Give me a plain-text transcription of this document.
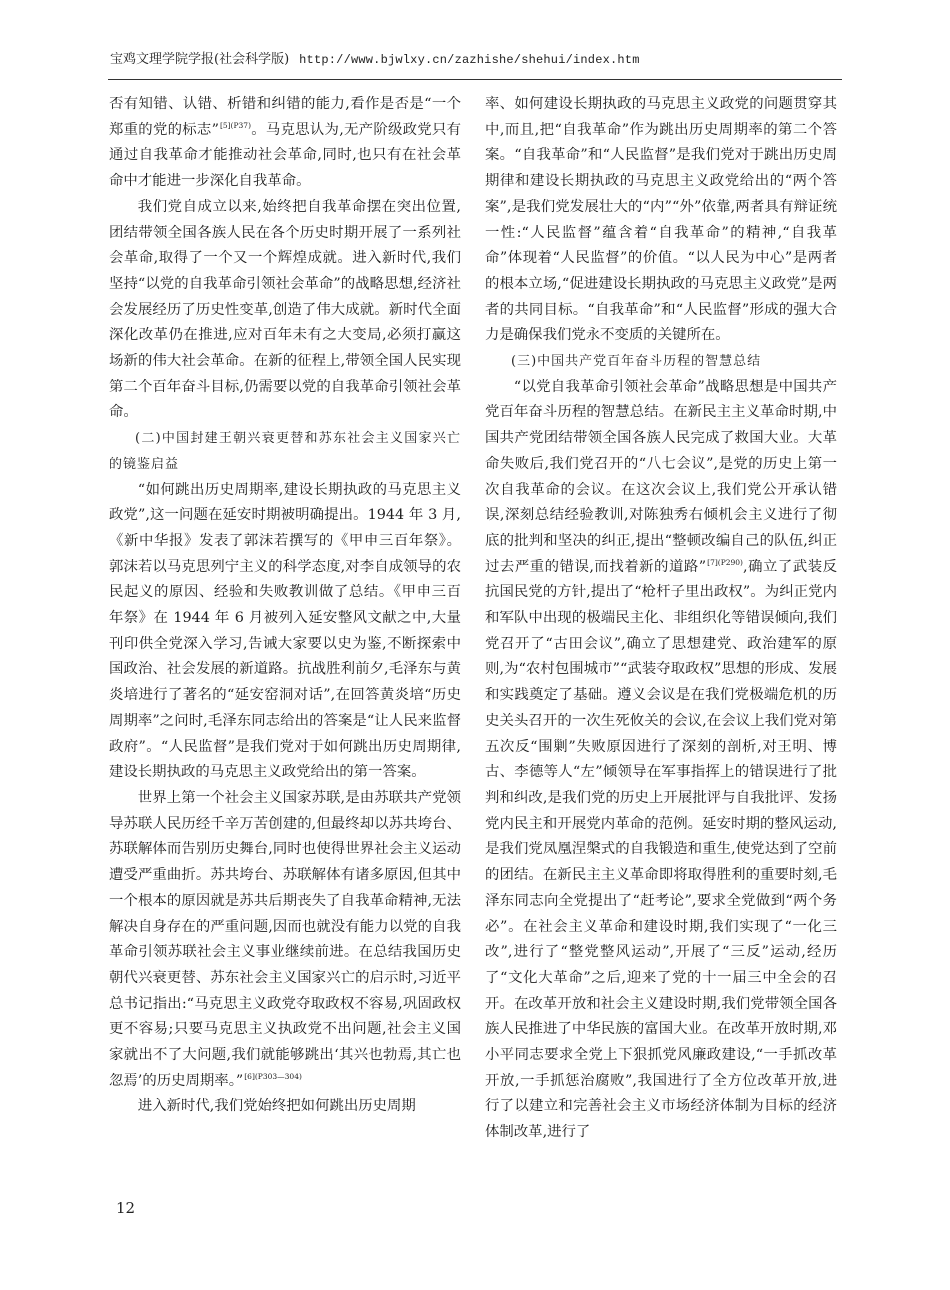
宝鸡文理学院学报(社会科学版) http://www.bjwlxy.cn/zazhishe/shehui/index.htm

否有知错、认错、析错和纠错的能力,看作是否是“一个郑重的党的标志”$^{[5](P37)}$。马克思认为,无产阶级政党只有通过自我革命才能推动社会革命,同时,也只有在社会革命中才能进一步深化自我革命。

我们党自成立以来,始终把自我革命摆在突出位置,团结带领全国各族人民在各个历史时期开展了一系列社会革命,取得了一个又一个辉煌成就。进入新时代,我们坚持“以党的自我革命引领社会革命”的战略思想,经济社会发展经历了历史性变革,创造了伟大成就。新时代全面深化改革仍在推进,应对百年未有之大变局,必须打赢这场新的伟大社会革命。在新的征程上,带领全国人民实现第二个百年奋斗目标,仍需要以党的自我革命引领社会革命。

(二)中国封建王朝兴衰更替和苏东社会主义国家兴亡的镜鉴启益

“如何跳出历史周期率,建设长期执政的马克思主义政党”,这一问题在延安时期被明确提出。1944 年 3 月,《新中华报》发表了郭沫若撰写的《甲申三百年祭》。郭沫若以马克思列宁主义的科学态度,对李自成领导的农民起义的原因、经验和失败教训做了总结。《甲申三百年祭》在 1944 年 6 月被列入延安整风文献之中,大量刊印供全党深入学习,告诫大家要以史为鉴,不断探索中国政治、社会发展的新道路。抗战胜利前夕,毛泽东与黄炎培进行了著名的“延安窑洞对话”,在回答黄炎培“历史周期率”之问时,毛泽东同志给出的答案是“让人民来监督政府”。“人民监督”是我们党对于如何跳出历史周期律,建设长期执政的马克思主义政党给出的第一答案。

世界上第一个社会主义国家苏联,是由苏联共产党领导苏联人民历经千辛万苦创建的,但最终却以苏共垮台、苏联解体而告别历史舞台,同时也使得世界社会主义运动遭受严重曲折。苏共垮台、苏联解体有诸多原因,但其中一个根本的原因就是苏共后期丧失了自我革命精神,无法解决自身存在的严重问题,因而也就没有能力以党的自我革命引领苏联社会主义事业继续前进。在总结我国历史朝代兴衰更替、苏东社会主义国家兴亡的启示时,习近平总书记指出:“马克思主义政党夺取政权不容易,巩固政权更不容易;只要马克思主义执政党不出问题,社会主义国家就出不了大问题,我们就能够跳出‘其兴也勃焉,其亡也忽焉’的历史周期率。”$^{[6](P303—304)}$

进入新时代,我们党始终把如何跳出历史周期

率、如何建设长期执政的马克思主义政党的问题贯穿其中,而且,把“自我革命”作为跳出历史周期率的第二个答案。“自我革命”和“人民监督”是我们党对于跳出历史周期律和建设长期执政的马克思主义政党给出的“两个答案”,是我们党发展壮大的“内”“外”依靠,两者具有辩证统一性:“人民监督”蕴含着“自我革命”的精神,“自我革命”体现着“人民监督”的价值。“以人民为中心”是两者的根本立场,“促进建设长期执政的马克思主义政党”是两者的共同目标。“自我革命”和“人民监督”形成的强大合力是确保我们党永不变质的关键所在。

(三)中国共产党百年奋斗历程的智慧总结

“以党自我革命引领社会革命”战略思想是中国共产党百年奋斗历程的智慧总结。在新民主主义革命时期,中国共产党团结带领全国各族人民完成了救国大业。大革命失败后,我们党召开的“八七会议”,是党的历史上第一次自我革命的会议。在这次会议上,我们党公开承认错误,深刻总结经验教训,对陈独秀右倾机会主义进行了彻底的批判和坚决的纠正,提出“整顿改编自己的队伍,纠正过去严重的错误,而找着新的道路”$^{[7](P290)}$,确立了武装反抗国民党的方针,提出了“枪杆子里出政权”。为纠正党内和军队中出现的极端民主化、非组织化等错误倾向,我们党召开了“古田会议”,确立了思想建党、政治建军的原则,为“农村包围城市”“武装夺取政权”思想的形成、发展和实践奠定了基础。遵义会议是在我们党极端危机的历史关头召开的一次生死攸关的会议,在会议上我们党对第五次反“围剿”失败原因进行了深刻的剖析,对王明、博古、李德等人“左”倾领导在军事指挥上的错误进行了批判和纠改,是我们党的历史上开展批评与自我批评、发扬党内民主和开展党内革命的范例。延安时期的整风运动,是我们党凤凰涅槃式的自我锻造和重生,使党达到了空前的团结。在新民主主义革命即将取得胜利的重要时刻,毛泽东同志向全党提出了“赶考论”,要求全党做到“两个务必”。在社会主义革命和建设时期,我们实现了“一化三改”,进行了“整党整风运动”,开展了“三反”运动,经历了“文化大革命”之后,迎来了党的十一届三中全会的召开。在改革开放和社会主义建设时期,我们党带领全国各族人民推进了中华民族的富国大业。在改革开放时期,邓小平同志要求全党上下狠抓党风廉政建设,“一手抓改革开放,一手抓惩治腐败”,我国进行了全方位改革开放,进行了以建立和完善社会主义市场经济体制为目标的经济体制改革,进行了

12
